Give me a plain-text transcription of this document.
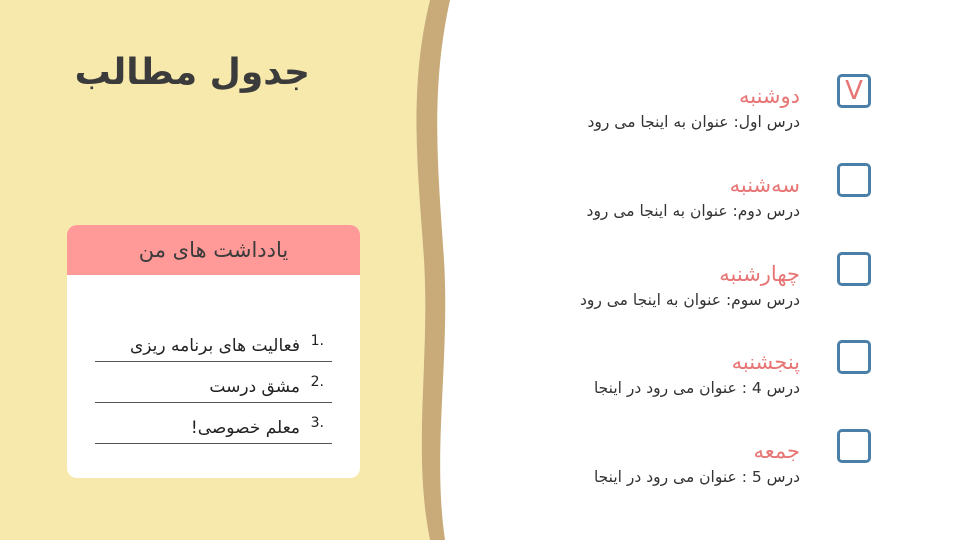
جدول مطالب
یادداشت های من
فعالیت های برنامه ریزی 1.
مشق درست 2.
معلم خصوصی! 3.
دوشنبه
درس اول: عنوان به اینجا می رود
V
سه‌شنبه
درس دوم: عنوان به اینجا می رود
چهارشنبه
درس سوم: عنوان به اینجا می رود
پنجشنبه
درس 4 : عنوان می رود در اینجا
جمعه
درس 5 : عنوان می رود در اینجا
